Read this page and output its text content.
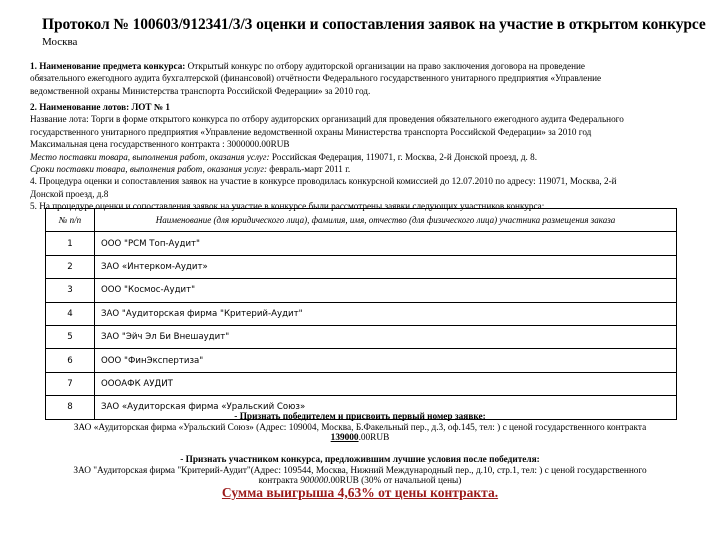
Протокол № 100603/912341/3/3 оценки и сопоставления заявок на участие в открытом конкурсе
Москва
1. Наименование предмета конкурса: Открытый конкурс по отбору аудиторской организации на право заключения договора на проведение
обязательного ежегодного аудита бухгалтерской (финансовой) отчётности Федерального государственного унитарного предприятия «Управление
ведомственной охраны Министерства транспорта Российской Федерации» за 2010 год.
2. Наименование лотов: ЛОТ № 1
Название лота: Торги в форме открытого конкурса по отбору аудиторских организаций для проведения обязательного ежегодного аудита Федерального
государственного унитарного предприятия «Управление ведомственной охраны Министерства транспорта Российской Федерации» за 2010 год
Максимальная цена государственного контракта : 3000000.00RUB
Место поставки товара, выполнения работ, оказания услуг: Российская Федерация, 119071, г. Москва, 2-й Донской проезд, д. 8.
Сроки поставки товара, выполнения работ, оказания услуг: февраль-март 2011 г.
4. Процедура оценки и сопоставления заявок на участие в конкурсе проводилась конкурсной комиссией до 12.07.2010 по адресу: 119071, Москва, 2-й
Донской проезд, д.8
5. На процедуре оценки и сопоставления заявок на участие в конкурсе были рассмотрены заявки следующих участников конкурса:
№ п/п	Наименование (для юридического лица), фамилия, имя, отчество (для физического лица) участника размещения заказа
1	ООО "РСМ Топ-Аудит"
2	ЗАО «Интерком-Аудит»
3	ООО "Космос-Аудит"
4	ЗАО "Аудиторская фирма "Критерий-Аудит"
5	ЗАО "Эйч Эл Би Внешаудит"
6	ООО "ФинЭкспертиза"
7	ОООАФК АУДИТ
8	ЗАО «Аудиторская фирма «Уральский Союз»
- Признать победителем и присвоить первый номер заявке:
ЗАО «Аудиторская фирма «Уральский Союз» (Адрес: 109004, Москва, Б.Факельный пер., д.3, оф.145, тел: ) с ценой государственного контракта
139000.00RUB
- Признать участником конкурса, предложившим лучшие условия после победителя:
ЗАО "Аудиторская фирма "Критерий-Аудит"(Адрес: 109544, Москва, Нижний Международный пер., д.10, стр.1, тел: ) с ценой государственного
контракта 900000.00RUB (30% от начальной цены)
Сумма выигрыша 4,63% от цены контракта.
